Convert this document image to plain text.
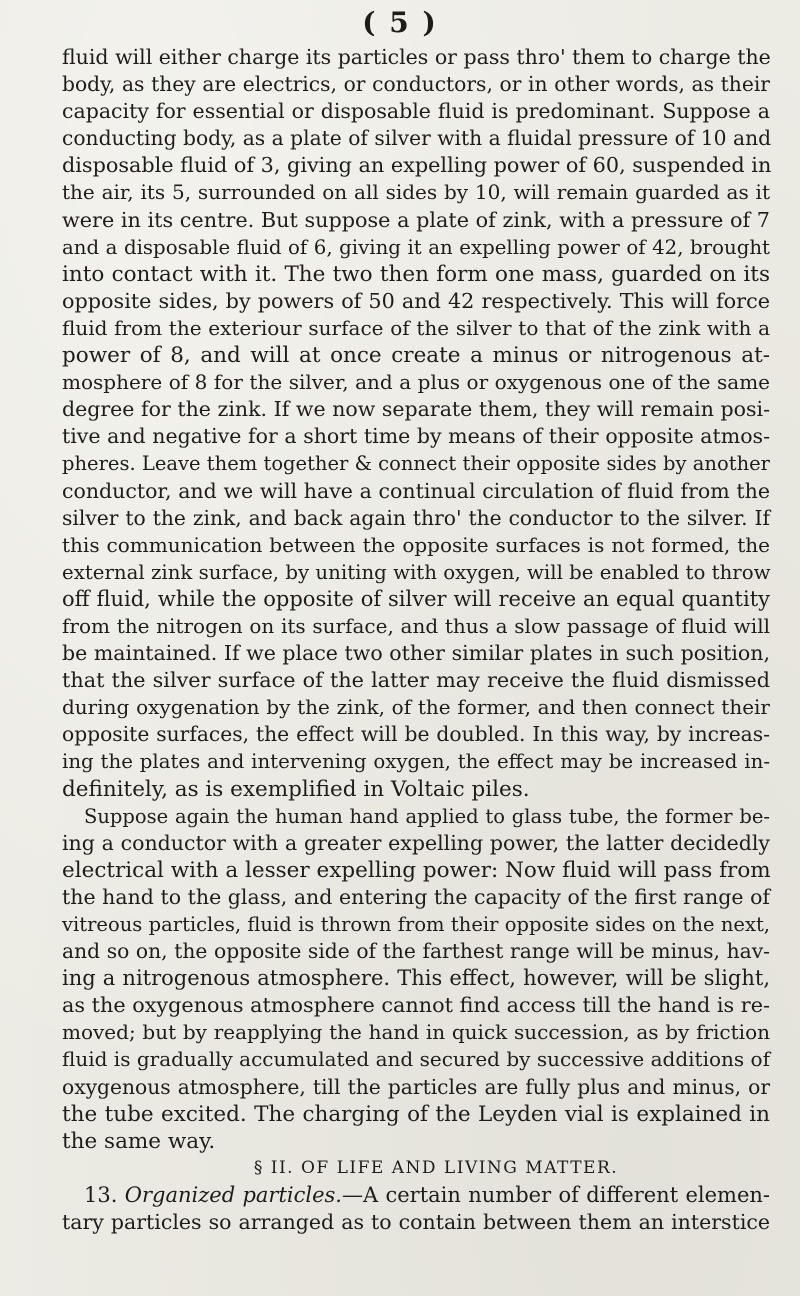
( 5 )
fluid will either charge its particles or pass thro' them to charge the
body, as they are electrics, or conductors, or in other words, as their
capacity for essential or disposable fluid is predominant. Suppose a
conducting body, as a plate of silver with a fluidal pressure of 10 and
disposable fluid of 3, giving an expelling power of 60, suspended in
the air, its 5, surrounded on all sides by 10, will remain guarded as it
were in its centre. But suppose a plate of zink, with a pressure of 7
and a disposable fluid of 6, giving it an expelling power of 42, brought
into contact with it. The two then form one mass, guarded on its
opposite sides, by powers of 50 and 42 respectively. This will force
fluid from the exteriour surface of the silver to that of the zink with a
power of 8, and will at once create a minus or nitrogenous at-
mosphere of 8 for the silver, and a plus or oxygenous one of the same
degree for the zink. If we now separate them, they will remain posi-
tive and negative for a short time by means of their opposite atmos-
pheres. Leave them together & connect their opposite sides by another
conductor, and we will have a continual circulation of fluid from the
silver to the zink, and back again thro' the conductor to the silver. If
this communication between the opposite surfaces is not formed, the
external zink surface, by uniting with oxygen, will be enabled to throw
off fluid, while the opposite of silver will receive an equal quantity
from the nitrogen on its surface, and thus a slow passage of fluid will
be maintained. If we place two other similar plates in such position,
that the silver surface of the latter may receive the fluid dismissed
during oxygenation by the zink, of the former, and then connect their
opposite surfaces, the effect will be doubled. In this way, by increas-
ing the plates and intervening oxygen, the effect may be increased in-
definitely, as is exemplified in Voltaic piles.
Suppose again the human hand applied to glass tube, the former be-
ing a conductor with a greater expelling power, the latter decidedly
electrical with a lesser expelling power: Now fluid will pass from
the hand to the glass, and entering the capacity of the first range of
vitreous particles, fluid is thrown from their opposite sides on the next,
and so on, the opposite side of the farthest range will be minus, hav-
ing a nitrogenous atmosphere. This effect, however, will be slight,
as the oxygenous atmosphere cannot find access till the hand is re-
moved; but by reapplying the hand in quick succession, as by friction
fluid is gradually accumulated and secured by successive additions of
oxygenous atmosphere, till the particles are fully plus and minus, or
the tube excited. The charging of the Leyden vial is explained in
the same way.
§ II. OF LIFE AND LIVING MATTER.
13. Organized particles.—A certain number of different elemen-
tary particles so arranged as to contain between them an interstice
